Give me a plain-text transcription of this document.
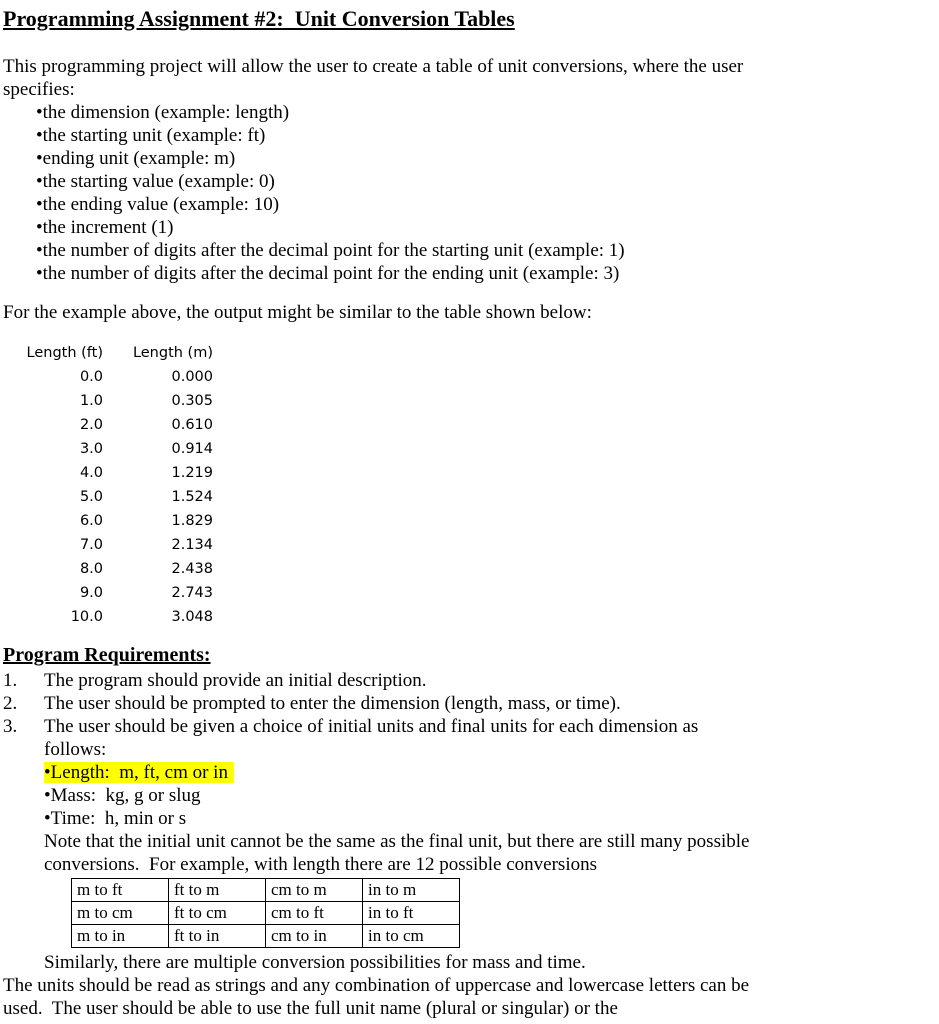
Programming Assignment #2:  Unit Conversion Tables
This programming project will allow the user to create a table of unit conversions, where the user
specifies:
• the dimension (example: length)
• the starting unit (example: ft)
• ending unit (example: m)
• the starting value (example: 0)
• the ending value (example: 10)
• the increment (1)
• the number of digits after the decimal point for the starting unit (example: 1)
• the number of digits after the decimal point for the ending unit (example: 3)
For the example above, the output might be similar to the table shown below:
Length (ft)	Length (m)
0.0	0.000
1.0	0.305
2.0	0.610
3.0	0.914
4.0	1.219
5.0	1.524
6.0	1.829
7.0	2.134
8.0	2.438
9.0	2.743
10.0	3.048
Program Requirements:
1.	The program should provide an initial description.
2.	The user should be prompted to enter the dimension (length, mass, or time).
3.	The user should be given a choice of initial units and final units for each dimension as
follows:
• Length:  m, ft, cm or in
• Mass:  kg, g or slug
• Time:  h, min or s
Note that the initial unit cannot be the same as the final unit, but there are still many possible
conversions.  For example, with length there are 12 possible conversions
m to ft	ft to m	cm to m	in to m
m to cm	ft to cm	cm to ft	in to ft
m to in	ft to in	cm to in	in to cm
Similarly, there are multiple conversion possibilities for mass and time.
The units should be read as strings and any combination of uppercase and lowercase letters can be
used.  The user should be able to use the full unit name (plural or singular) or the
